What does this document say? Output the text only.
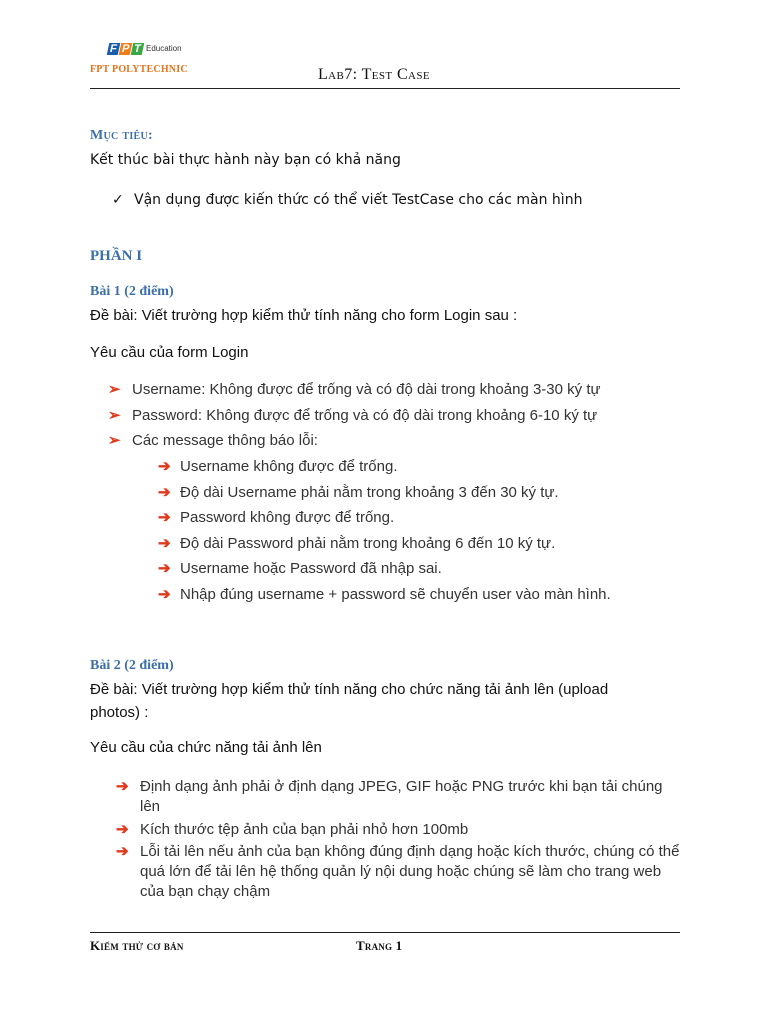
F P T Education
FPT POLYTECHNIC	Lab7: Test Case
Mục tiêu:
Kết thúc bài thực hành này bạn có khả năng
✓ Vận dụng được kiến thức có thể viết TestCase cho các màn hình
PHẦN I
Bài 1 (2 điểm)
Đề bài: Viết trường hợp kiểm thử tính năng cho form Login sau :
Yêu cầu của form Login
➢ Username: Không được để trống và có độ dài trong khoảng 3-30 ký tự
➢ Password: Không được để trống và có độ dài trong khoảng 6-10 ký tự
➢ Các message thông báo lỗi:
➔ Username không được để trống.
➔ Độ dài Username phải nằm trong khoảng 3 đến 30 ký tự.
➔ Password không được để trống.
➔ Độ dài Password phải nằm trong khoảng 6 đến 10 ký tự.
➔ Username hoặc Password đã nhập sai.
➔ Nhập đúng username + password sẽ chuyển user vào màn hình.
Bài 2 (2 điểm)
Đề bài: Viết trường hợp kiểm thử tính năng cho chức năng tải ảnh lên (upload
photos) :
Yêu cầu của chức năng tải ảnh lên
➔ Định dạng ảnh phải ở định dạng JPEG, GIF hoặc PNG trước khi bạn tải chúng lên
➔ Kích thước tệp ảnh của bạn phải nhỏ hơn 100mb
➔ Lỗi tải lên nếu ảnh của bạn không đúng định dạng hoặc kích thước, chúng có thể quá lớn để tải lên hệ thống quản lý nội dung hoặc chúng sẽ làm cho trang web của bạn chạy chậm
Kiểm thử cơ bản	Trang 1
